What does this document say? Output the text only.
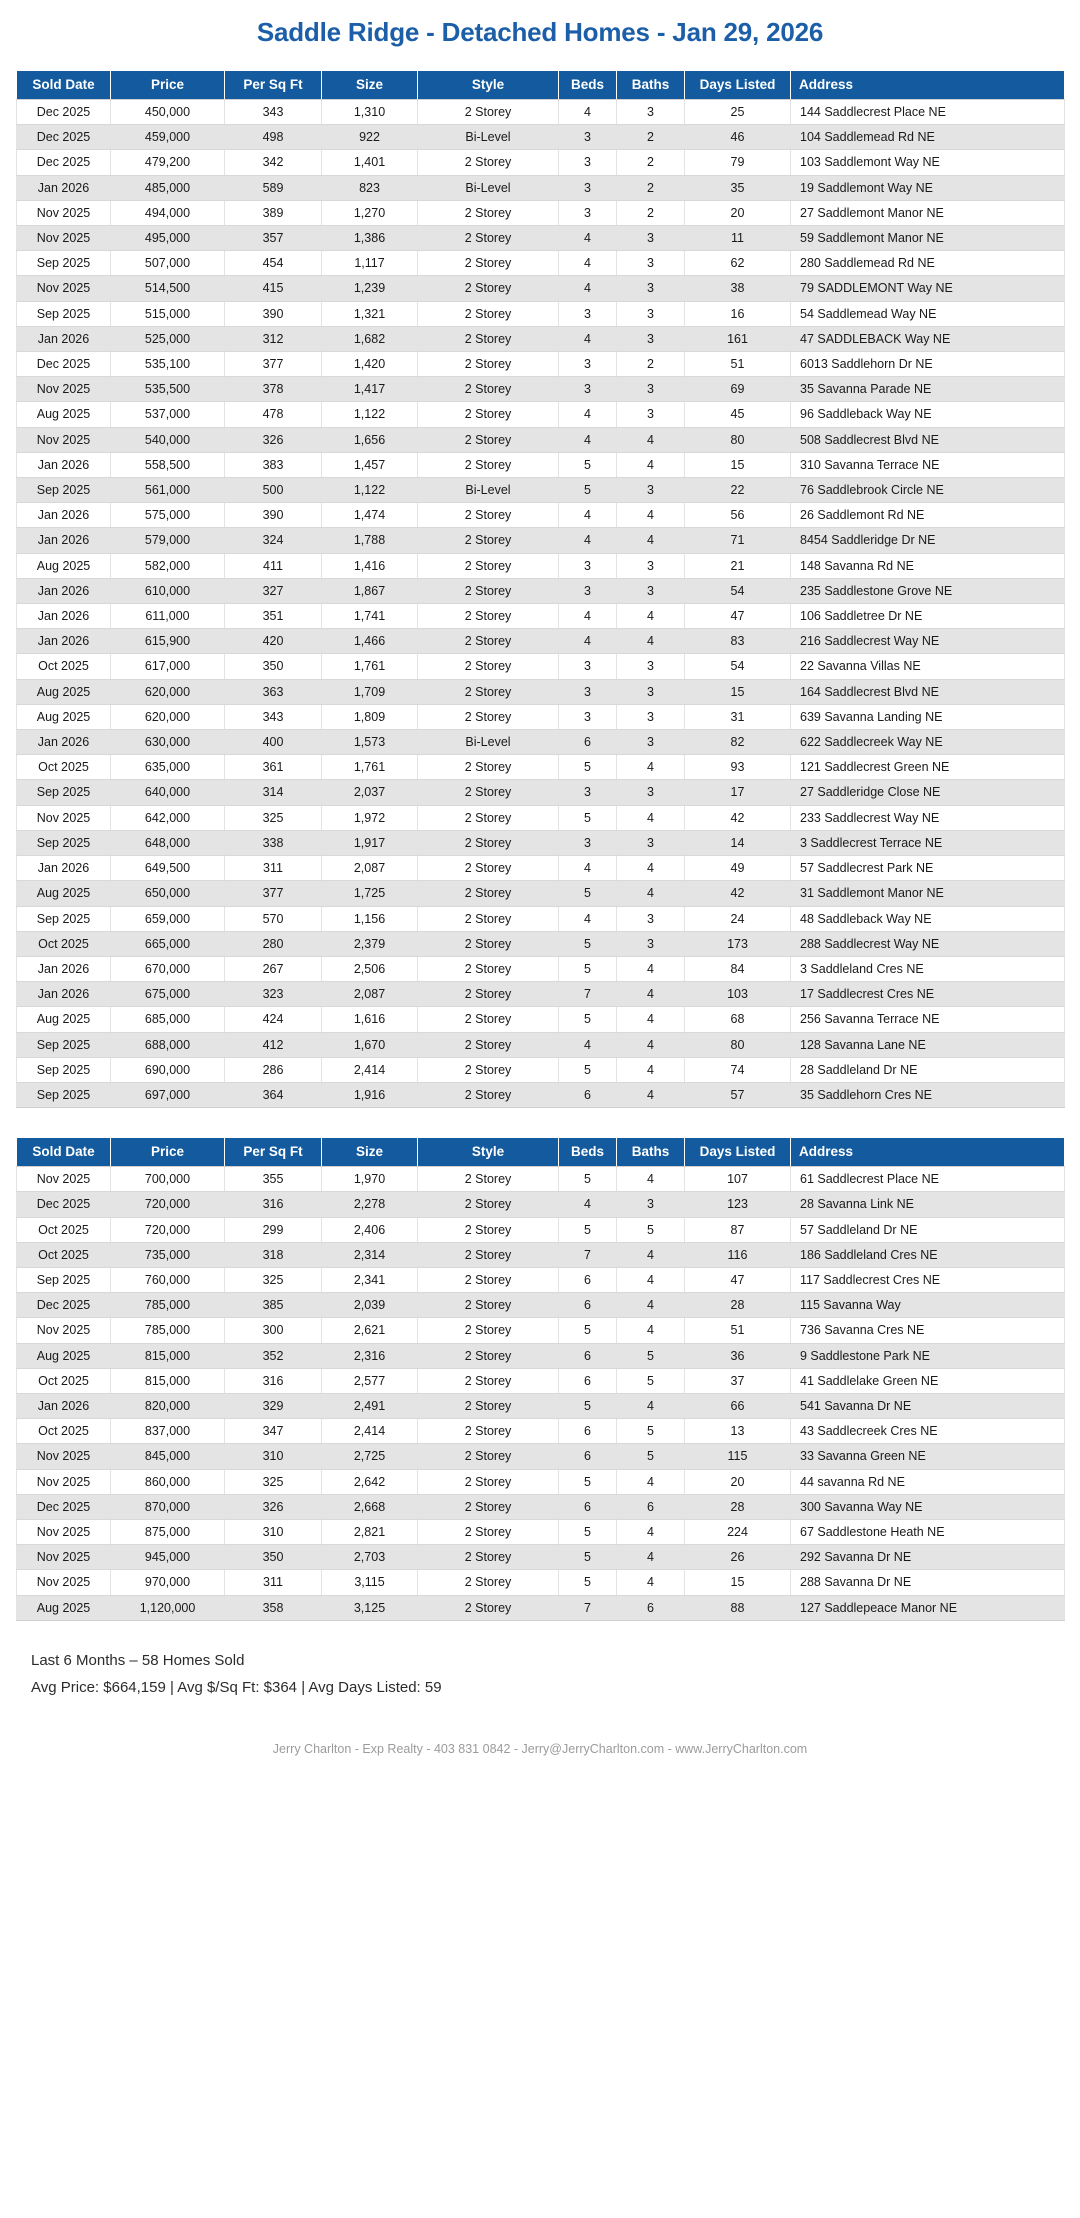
Saddle Ridge - Detached Homes - Jan 29, 2026
Sold Date	Price	Per Sq Ft	Size	Style	Beds	Baths	Days Listed	Address
Dec 2025	450,000	343	1,310	2 Storey	4	3	25	144 Saddlecrest Place NE
Dec 2025	459,000	498	922	Bi-Level	3	2	46	104 Saddlemead Rd NE
Dec 2025	479,200	342	1,401	2 Storey	3	2	79	103 Saddlemont Way NE
Jan 2026	485,000	589	823	Bi-Level	3	2	35	19 Saddlemont Way NE
Nov 2025	494,000	389	1,270	2 Storey	3	2	20	27 Saddlemont Manor NE
Nov 2025	495,000	357	1,386	2 Storey	4	3	11	59 Saddlemont Manor NE
Sep 2025	507,000	454	1,117	2 Storey	4	3	62	280 Saddlemead Rd NE
Nov 2025	514,500	415	1,239	2 Storey	4	3	38	79 SADDLEMONT Way NE
Sep 2025	515,000	390	1,321	2 Storey	3	3	16	54 Saddlemead Way NE
Jan 2026	525,000	312	1,682	2 Storey	4	3	161	47 SADDLEBACK Way NE
Dec 2025	535,100	377	1,420	2 Storey	3	2	51	6013 Saddlehorn Dr NE
Nov 2025	535,500	378	1,417	2 Storey	3	3	69	35 Savanna Parade NE
Aug 2025	537,000	478	1,122	2 Storey	4	3	45	96 Saddleback Way NE
Nov 2025	540,000	326	1,656	2 Storey	4	4	80	508 Saddlecrest Blvd NE
Jan 2026	558,500	383	1,457	2 Storey	5	4	15	310 Savanna Terrace NE
Sep 2025	561,000	500	1,122	Bi-Level	5	3	22	76 Saddlebrook Circle NE
Jan 2026	575,000	390	1,474	2 Storey	4	4	56	26 Saddlemont Rd NE
Jan 2026	579,000	324	1,788	2 Storey	4	4	71	8454 Saddleridge Dr NE
Aug 2025	582,000	411	1,416	2 Storey	3	3	21	148 Savanna Rd NE
Jan 2026	610,000	327	1,867	2 Storey	3	3	54	235 Saddlestone Grove NE
Jan 2026	611,000	351	1,741	2 Storey	4	4	47	106 Saddletree Dr NE
Jan 2026	615,900	420	1,466	2 Storey	4	4	83	216 Saddlecrest Way NE
Oct 2025	617,000	350	1,761	2 Storey	3	3	54	22 Savanna Villas NE
Aug 2025	620,000	363	1,709	2 Storey	3	3	15	164 Saddlecrest Blvd NE
Aug 2025	620,000	343	1,809	2 Storey	3	3	31	639 Savanna Landing NE
Jan 2026	630,000	400	1,573	Bi-Level	6	3	82	622 Saddlecreek Way NE
Oct 2025	635,000	361	1,761	2 Storey	5	4	93	121 Saddlecrest Green NE
Sep 2025	640,000	314	2,037	2 Storey	3	3	17	27 Saddleridge Close NE
Nov 2025	642,000	325	1,972	2 Storey	5	4	42	233 Saddlecrest Way NE
Sep 2025	648,000	338	1,917	2 Storey	3	3	14	3 Saddlecrest Terrace NE
Jan 2026	649,500	311	2,087	2 Storey	4	4	49	57 Saddlecrest Park NE
Aug 2025	650,000	377	1,725	2 Storey	5	4	42	31 Saddlemont Manor NE
Sep 2025	659,000	570	1,156	2 Storey	4	3	24	48 Saddleback Way NE
Oct 2025	665,000	280	2,379	2 Storey	5	3	173	288 Saddlecrest Way NE
Jan 2026	670,000	267	2,506	2 Storey	5	4	84	3 Saddleland Cres NE
Jan 2026	675,000	323	2,087	2 Storey	7	4	103	17 Saddlecrest Cres NE
Aug 2025	685,000	424	1,616	2 Storey	5	4	68	256 Savanna Terrace NE
Sep 2025	688,000	412	1,670	2 Storey	4	4	80	128 Savanna Lane NE
Sep 2025	690,000	286	2,414	2 Storey	5	4	74	28 Saddleland Dr NE
Sep 2025	697,000	364	1,916	2 Storey	6	4	57	35 Saddlehorn Cres NE
Sold Date	Price	Per Sq Ft	Size	Style	Beds	Baths	Days Listed	Address
Nov 2025	700,000	355	1,970	2 Storey	5	4	107	61 Saddlecrest Place NE
Dec 2025	720,000	316	2,278	2 Storey	4	3	123	28 Savanna Link NE
Oct 2025	720,000	299	2,406	2 Storey	5	5	87	57 Saddleland Dr NE
Oct 2025	735,000	318	2,314	2 Storey	7	4	116	186 Saddleland Cres NE
Sep 2025	760,000	325	2,341	2 Storey	6	4	47	117 Saddlecrest Cres NE
Dec 2025	785,000	385	2,039	2 Storey	6	4	28	115 Savanna Way
Nov 2025	785,000	300	2,621	2 Storey	5	4	51	736 Savanna Cres NE
Aug 2025	815,000	352	2,316	2 Storey	6	5	36	9 Saddlestone Park NE
Oct 2025	815,000	316	2,577	2 Storey	6	5	37	41 Saddlelake Green NE
Jan 2026	820,000	329	2,491	2 Storey	5	4	66	541 Savanna Dr NE
Oct 2025	837,000	347	2,414	2 Storey	6	5	13	43 Saddlecreek Cres NE
Nov 2025	845,000	310	2,725	2 Storey	6	5	115	33 Savanna Green NE
Nov 2025	860,000	325	2,642	2 Storey	5	4	20	44 savanna Rd NE
Dec 2025	870,000	326	2,668	2 Storey	6	6	28	300 Savanna Way NE
Nov 2025	875,000	310	2,821	2 Storey	5	4	224	67 Saddlestone Heath NE
Nov 2025	945,000	350	2,703	2 Storey	5	4	26	292 Savanna Dr NE
Nov 2025	970,000	311	3,115	2 Storey	5	4	15	288 Savanna Dr NE
Aug 2025	1,120,000	358	3,125	2 Storey	7	6	88	127 Saddlepeace Manor NE
Last 6 Months – 58 Homes Sold
Avg Price: $664,159 | Avg $/Sq Ft: $364 | Avg Days Listed: 59
Jerry Charlton - Exp Realty - 403 831 0842 - Jerry@JerryCharlton.com - www.JerryCharlton.com
